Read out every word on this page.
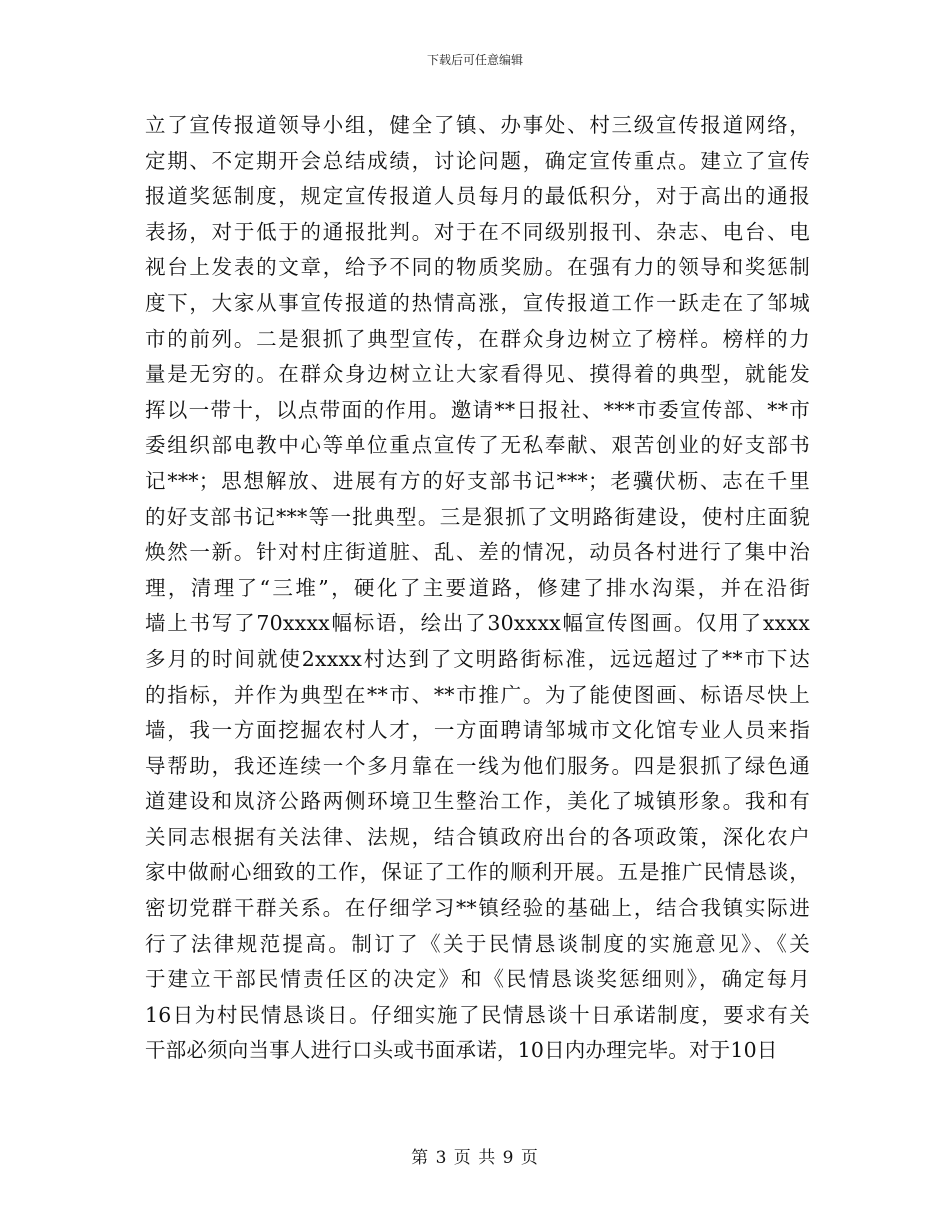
下载后可任意编辑
立了宣传报道领导小组，健全了镇、办事处、村三级宣传报道网络，
定期、不定期开会总结成绩，讨论问题，确定宣传重点。建立了宣传
报道奖惩制度，规定宣传报道人员每月的最低积分，对于高出的通报
表扬，对于低于的通报批判。对于在不同级别报刊、杂志、电台、电
视台上发表的文章，给予不同的物质奖励。在强有力的领导和奖惩制
度下，大家从事宣传报道的热情高涨，宣传报道工作一跃走在了邹城
市的前列。二是狠抓了典型宣传，在群众身边树立了榜样。榜样的力
量是无穷的。在群众身边树立让大家看得见、摸得着的典型，就能发
挥以一带十，以点带面的作用。邀请**日报社、***市委宣传部、**市
委组织部电教中心等单位重点宣传了无私奉献、艰苦创业的好支部书
记***；思想解放、进展有方的好支部书记***；老骥伏枥、志在千里
的好支部书记***等一批典型。三是狠抓了文明路街建设，使村庄面貌
焕然一新。针对村庄街道脏、乱、差的情况，动员各村进行了集中治
理，清理了“三堆”，硬化了主要道路，修建了排水沟渠，并在沿街
墙上书写了70xxxx幅标语，绘出了30xxxx幅宣传图画。仅用了xxxx
多月的时间就使2xxxx村达到了文明路街标准，远远超过了**市下达
的指标，并作为典型在**市、**市推广。为了能使图画、标语尽快上
墙，我一方面挖掘农村人才，一方面聘请邹城市文化馆专业人员来指
导帮助，我还连续一个多月靠在一线为他们服务。四是狠抓了绿色通
道建设和岚济公路两侧环境卫生整治工作，美化了城镇形象。我和有
关同志根据有关法律、法规，结合镇政府出台的各项政策，深化农户
家中做耐心细致的工作，保证了工作的顺利开展。五是推广民情恳谈，
密切党群干群关系。在仔细学习**镇经验的基础上，结合我镇实际进
行了法律规范提高。制订了《关于民情恳谈制度的实施意见》、《关
于建立干部民情责任区的决定》和《民情恳谈奖惩细则》，确定每月
16日为村民情恳谈日。仔细实施了民情恳谈十日承诺制度，要求有关
干部必须向当事人进行口头或书面承诺，10日内办理完毕。对于10日
第 3 页 共 9 页
